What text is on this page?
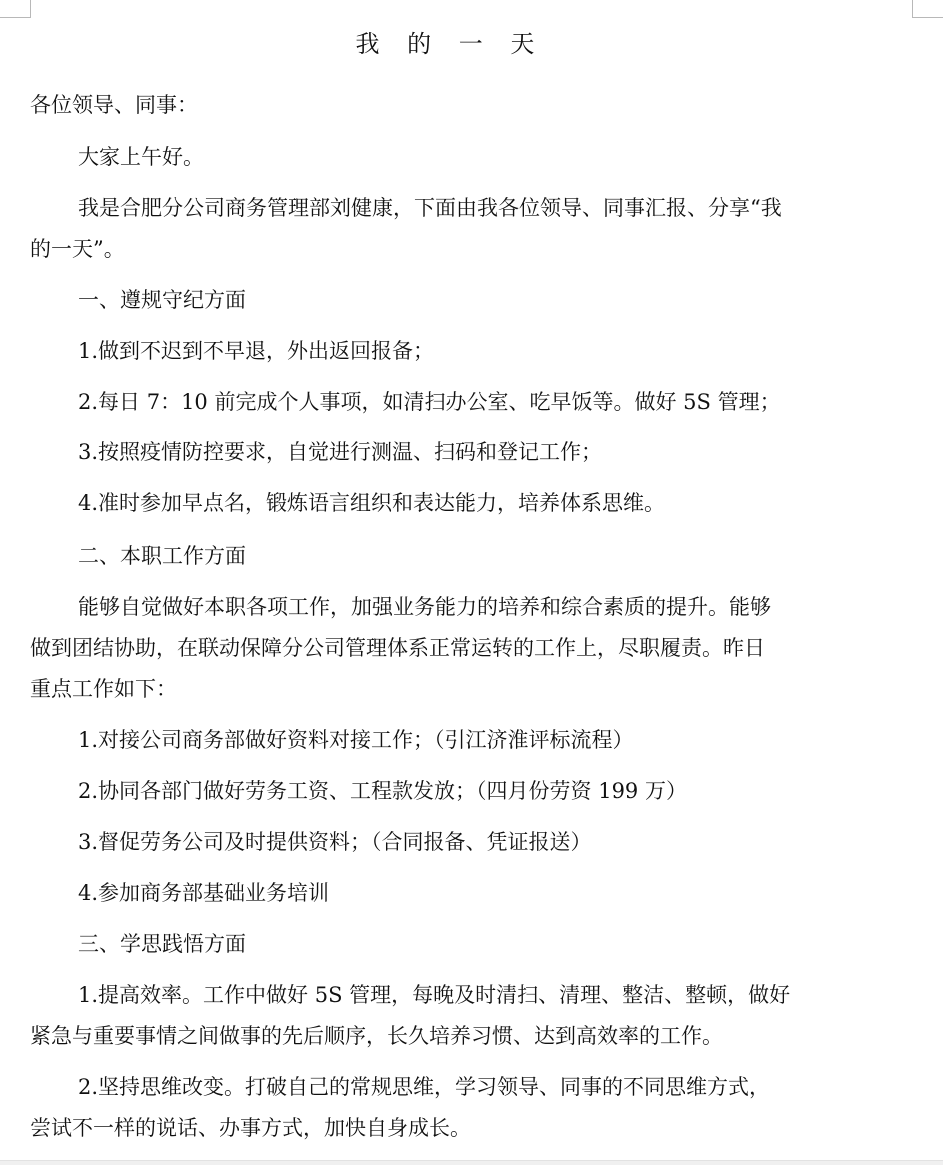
我 的 一 天
各位领导、同事：
大家上午好。
我是合肥分公司商务管理部刘健康，下面由我各位领导、同事汇报、分享“我
的一天”。
一、遵规守纪方面
1.做到不迟到不早退，外出返回报备；
2.每日 7：10 前完成个人事项，如清扫办公室、吃早饭等。做好 5S 管理；
3.按照疫情防控要求，自觉进行测温、扫码和登记工作；
4.准时参加早点名，锻炼语言组织和表达能力，培养体系思维。
二、本职工作方面
能够自觉做好本职各项工作，加强业务能力的培养和综合素质的提升。能够
做到团结协助，在联动保障分公司管理体系正常运转的工作上，尽职履责。昨日
重点工作如下：
1.对接公司商务部做好资料对接工作；（引江济淮评标流程）
2.协同各部门做好劳务工资、工程款发放；（四月份劳资 199 万）
3.督促劳务公司及时提供资料；（合同报备、凭证报送）
4.参加商务部基础业务培训
三、学思践悟方面
1.提高效率。工作中做好 5S 管理，每晚及时清扫、清理、整洁、整顿，做好
紧急与重要事情之间做事的先后顺序，长久培养习惯、达到高效率的工作。
2.坚持思维改变。打破自己的常规思维，学习领导、同事的不同思维方式，
尝试不一样的说话、办事方式，加快自身成长。
